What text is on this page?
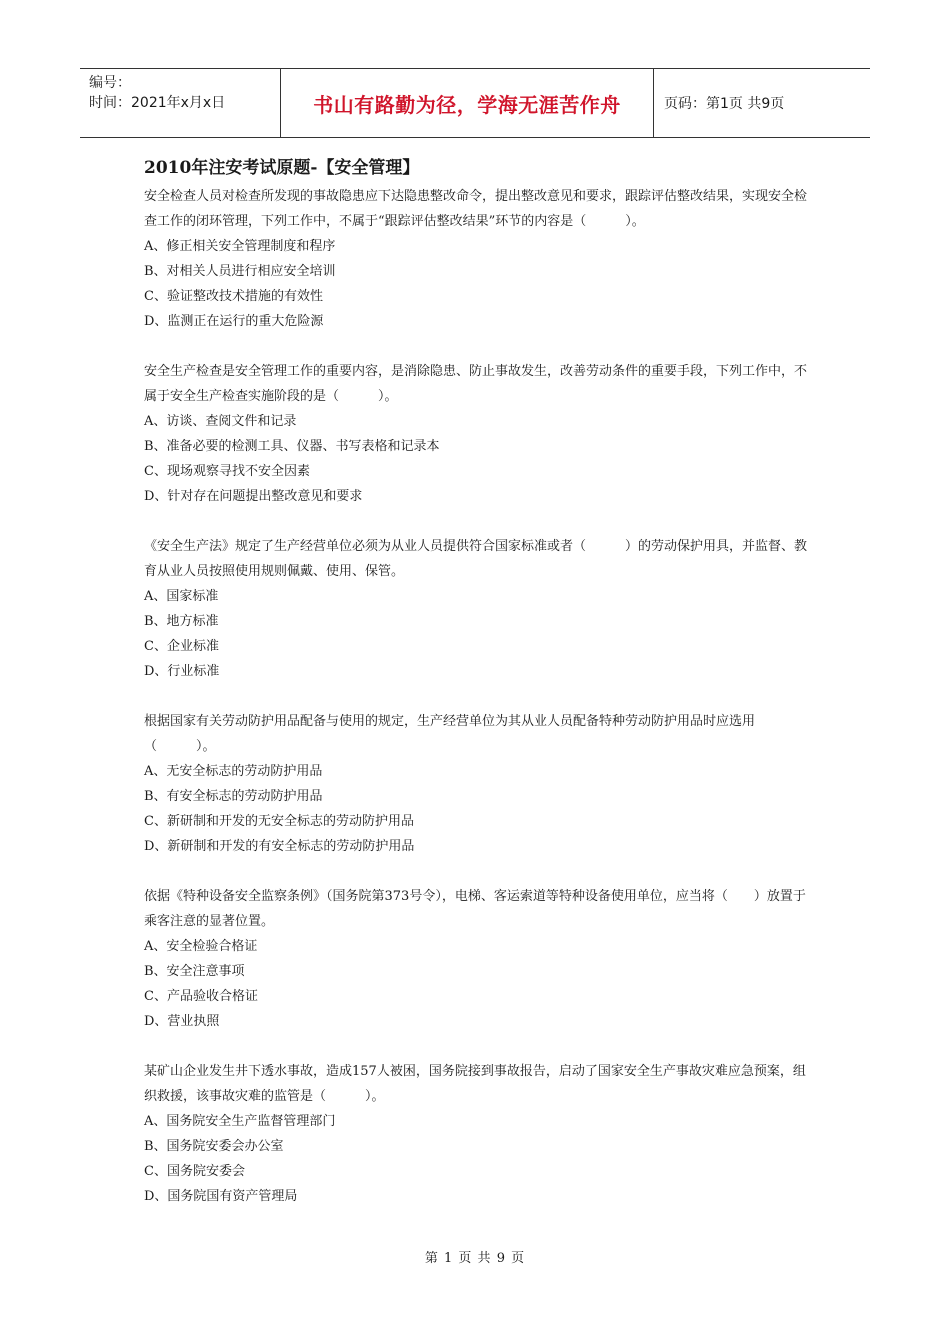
编号：
时间：2021年x月x日	书山有路勤为径，学海无涯苦作舟	页码：第1页 共9页
2010年注安考试原题-【安全管理】
安全检查人员对检查所发现的事故隐患应下达隐患整改命令，提出整改意见和要求，跟踪评估整改结果，实现安全检查工作的闭环管理，下列工作中，不属于“跟踪评估整改结果”环节的内容是（　　　）。
A、修正相关安全管理制度和程序
B、对相关人员进行相应安全培训
C、验证整改技术措施的有效性
D、监测正在运行的重大危险源
安全生产检查是安全管理工作的重要内容，是消除隐患、防止事故发生，改善劳动条件的重要手段，下列工作中，不属于安全生产检查实施阶段的是（　　　）。
A、访谈、查阅文件和记录
B、准备必要的检测工具、仪器、书写表格和记录本
C、现场观察寻找不安全因素
D、针对存在问题提出整改意见和要求
《安全生产法》规定了生产经营单位必须为从业人员提供符合国家标准或者（　　　）的劳动保护用具，并监督、教育从业人员按照使用规则佩戴、使用、保管。
A、国家标准
B、地方标准
C、企业标准
D、行业标准
根据国家有关劳动防护用品配备与使用的规定，生产经营单位为其从业人员配备特种劳动防护用品时应选用（　　　）。
A、无安全标志的劳动防护用品
B、有安全标志的劳动防护用品
C、新研制和开发的无安全标志的劳动防护用品
D、新研制和开发的有安全标志的劳动防护用品
依据《特种设备安全监察条例》（国务院第373号令），电梯、客运索道等特种设备使用单位，应当将（　　）放置于乘客注意的显著位置。
A、安全检验合格证
B、安全注意事项
C、产品验收合格证
D、营业执照
某矿山企业发生井下透水事故，造成157人被困，国务院接到事故报告，启动了国家安全生产事故灾难应急预案，组织救援，该事故灾难的监管是（　　　）。
A、国务院安全生产监督管理部门
B、国务院安委会办公室
C、国务院安委会
D、国务院国有资产管理局
第 1 页 共 9 页
